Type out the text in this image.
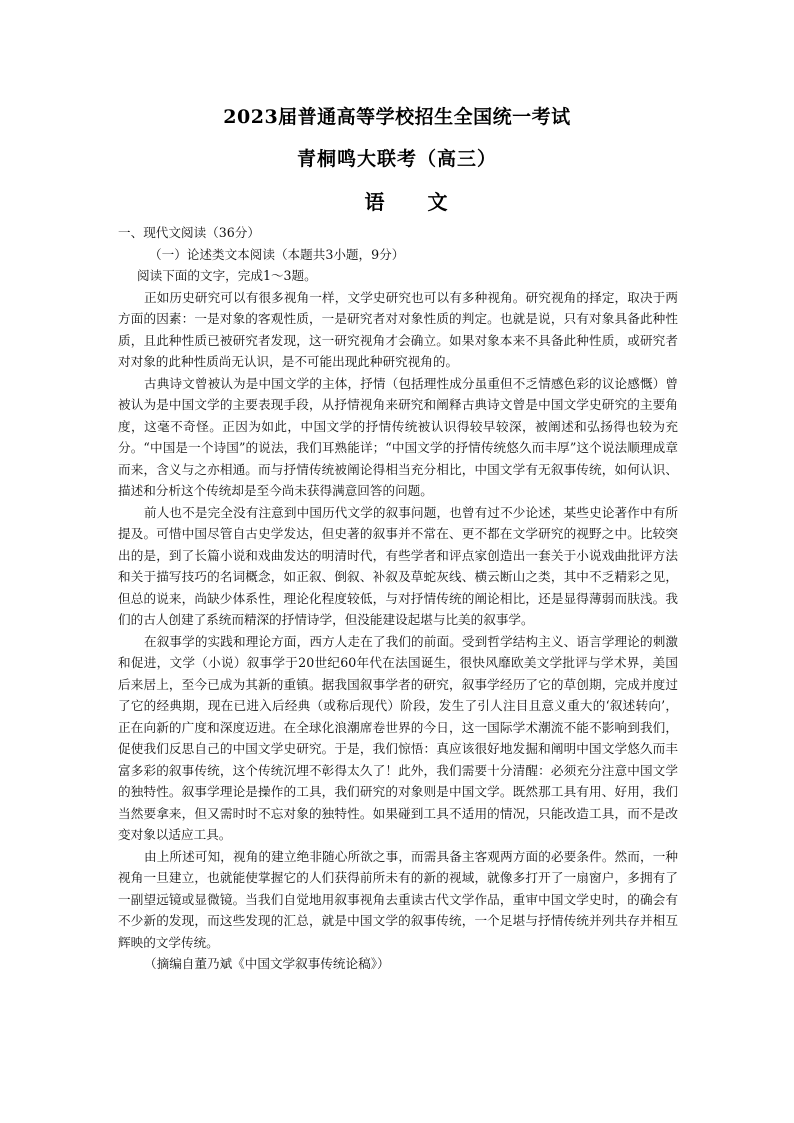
2023届普通高等学校招生全国统一考试
青桐鸣大联考（高三）
语 文

一、现代文阅读（36分）

（一）论述类文本阅读（本题共3小题，9分）

阅读下面的文字，完成1～3题。

正如历史研究可以有很多视角一样，文学史研究也可以有多种视角。研究视角的择定，取决于两方面的因素：一是对象的客观性质，一是研究者对对象性质的判定。也就是说，只有对象具备此种性质，且此种性质已被研究者发现，这一研究视角才会确立。如果对象本来不具备此种性质，或研究者对对象的此种性质尚无认识，是不可能出现此种研究视角的。

古典诗文曾被认为是中国文学的主体，抒情（包括理性成分虽重但不乏情感色彩的议论感慨）曾被认为是中国文学的主要表现手段，从抒情视角来研究和阐释古典诗文曾是中国文学史研究的主要角度，这毫不奇怪。正因为如此，中国文学的抒情传统被认识得较早较深，被阐述和弘扬得也较为充分。“中国是一个诗国”的说法，我们耳熟能详；“中国文学的抒情传统悠久而丰厚”这个说法顺理成章而来，含义与之亦相通。而与抒情传统被阐论得相当充分相比，中国文学有无叙事传统，如何认识、描述和分析这个传统却是至今尚未获得满意回答的问题。

前人也不是完全没有注意到中国历代文学的叙事问题，也曾有过不少论述，某些史论著作中有所提及。可惜中国尽管自古史学发达，但史著的叙事并不常在、更不都在文学研究的视野之中。比较突出的是，到了长篇小说和戏曲发达的明清时代，有些学者和评点家创造出一套关于小说戏曲批评方法和关于描写技巧的名词概念，如正叙、倒叙、补叙及草蛇灰线、横云断山之类，其中不乏精彩之见，但总的说来，尚缺少体系性，理论化程度较低，与对抒情传统的阐论相比，还是显得薄弱而肤浅。我们的古人创建了系统而精深的抒情诗学，但没能建设起堪与比美的叙事学。

在叙事学的实践和理论方面，西方人走在了我们的前面。受到哲学结构主义、语言学理论的刺激和促进，文学（小说）叙事学于20世纪60年代在法国诞生，很快风靡欧美文学批评与学术界，美国后来居上，至今已成为其新的重镇。据我国叙事学者的研究，叙事学经历了它的草创期，完成并度过了它的经典期，现在已进入后经典（或称后现代）阶段，发生了引人注目且意义重大的‘叙述转向’，正在向新的广度和深度迈进。在全球化浪潮席卷世界的今日，这一国际学术潮流不能不影响到我们，促使我们反思自己的中国文学史研究。于是，我们惊悟：真应该很好地发掘和阐明中国文学悠久而丰富多彩的叙事传统，这个传统沉埋不彰得太久了！此外，我们需要十分清醒：必须充分注意中国文学的独特性。叙事学理论是操作的工具，我们研究的对象则是中国文学。既然那工具有用、好用，我们当然要拿来，但又需时时不忘对象的独特性。如果碰到工具不适用的情况，只能改造工具，而不是改变对象以适应工具。

由上所述可知，视角的建立绝非随心所欲之事，而需具备主客观两方面的必要条件。然而，一种视角一旦建立，也就能使掌握它的人们获得前所未有的新的视域，就像多打开了一扇窗户，多拥有了一副望远镜或显微镜。当我们自觉地用叙事视角去重读古代文学作品，重审中国文学史时，的确会有不少新的发现，而这些发现的汇总，就是中国文学的叙事传统，一个足堪与抒情传统并列共存并相互辉映的文学传统。

（摘编自董乃斌《中国文学叙事传统论稿》）
